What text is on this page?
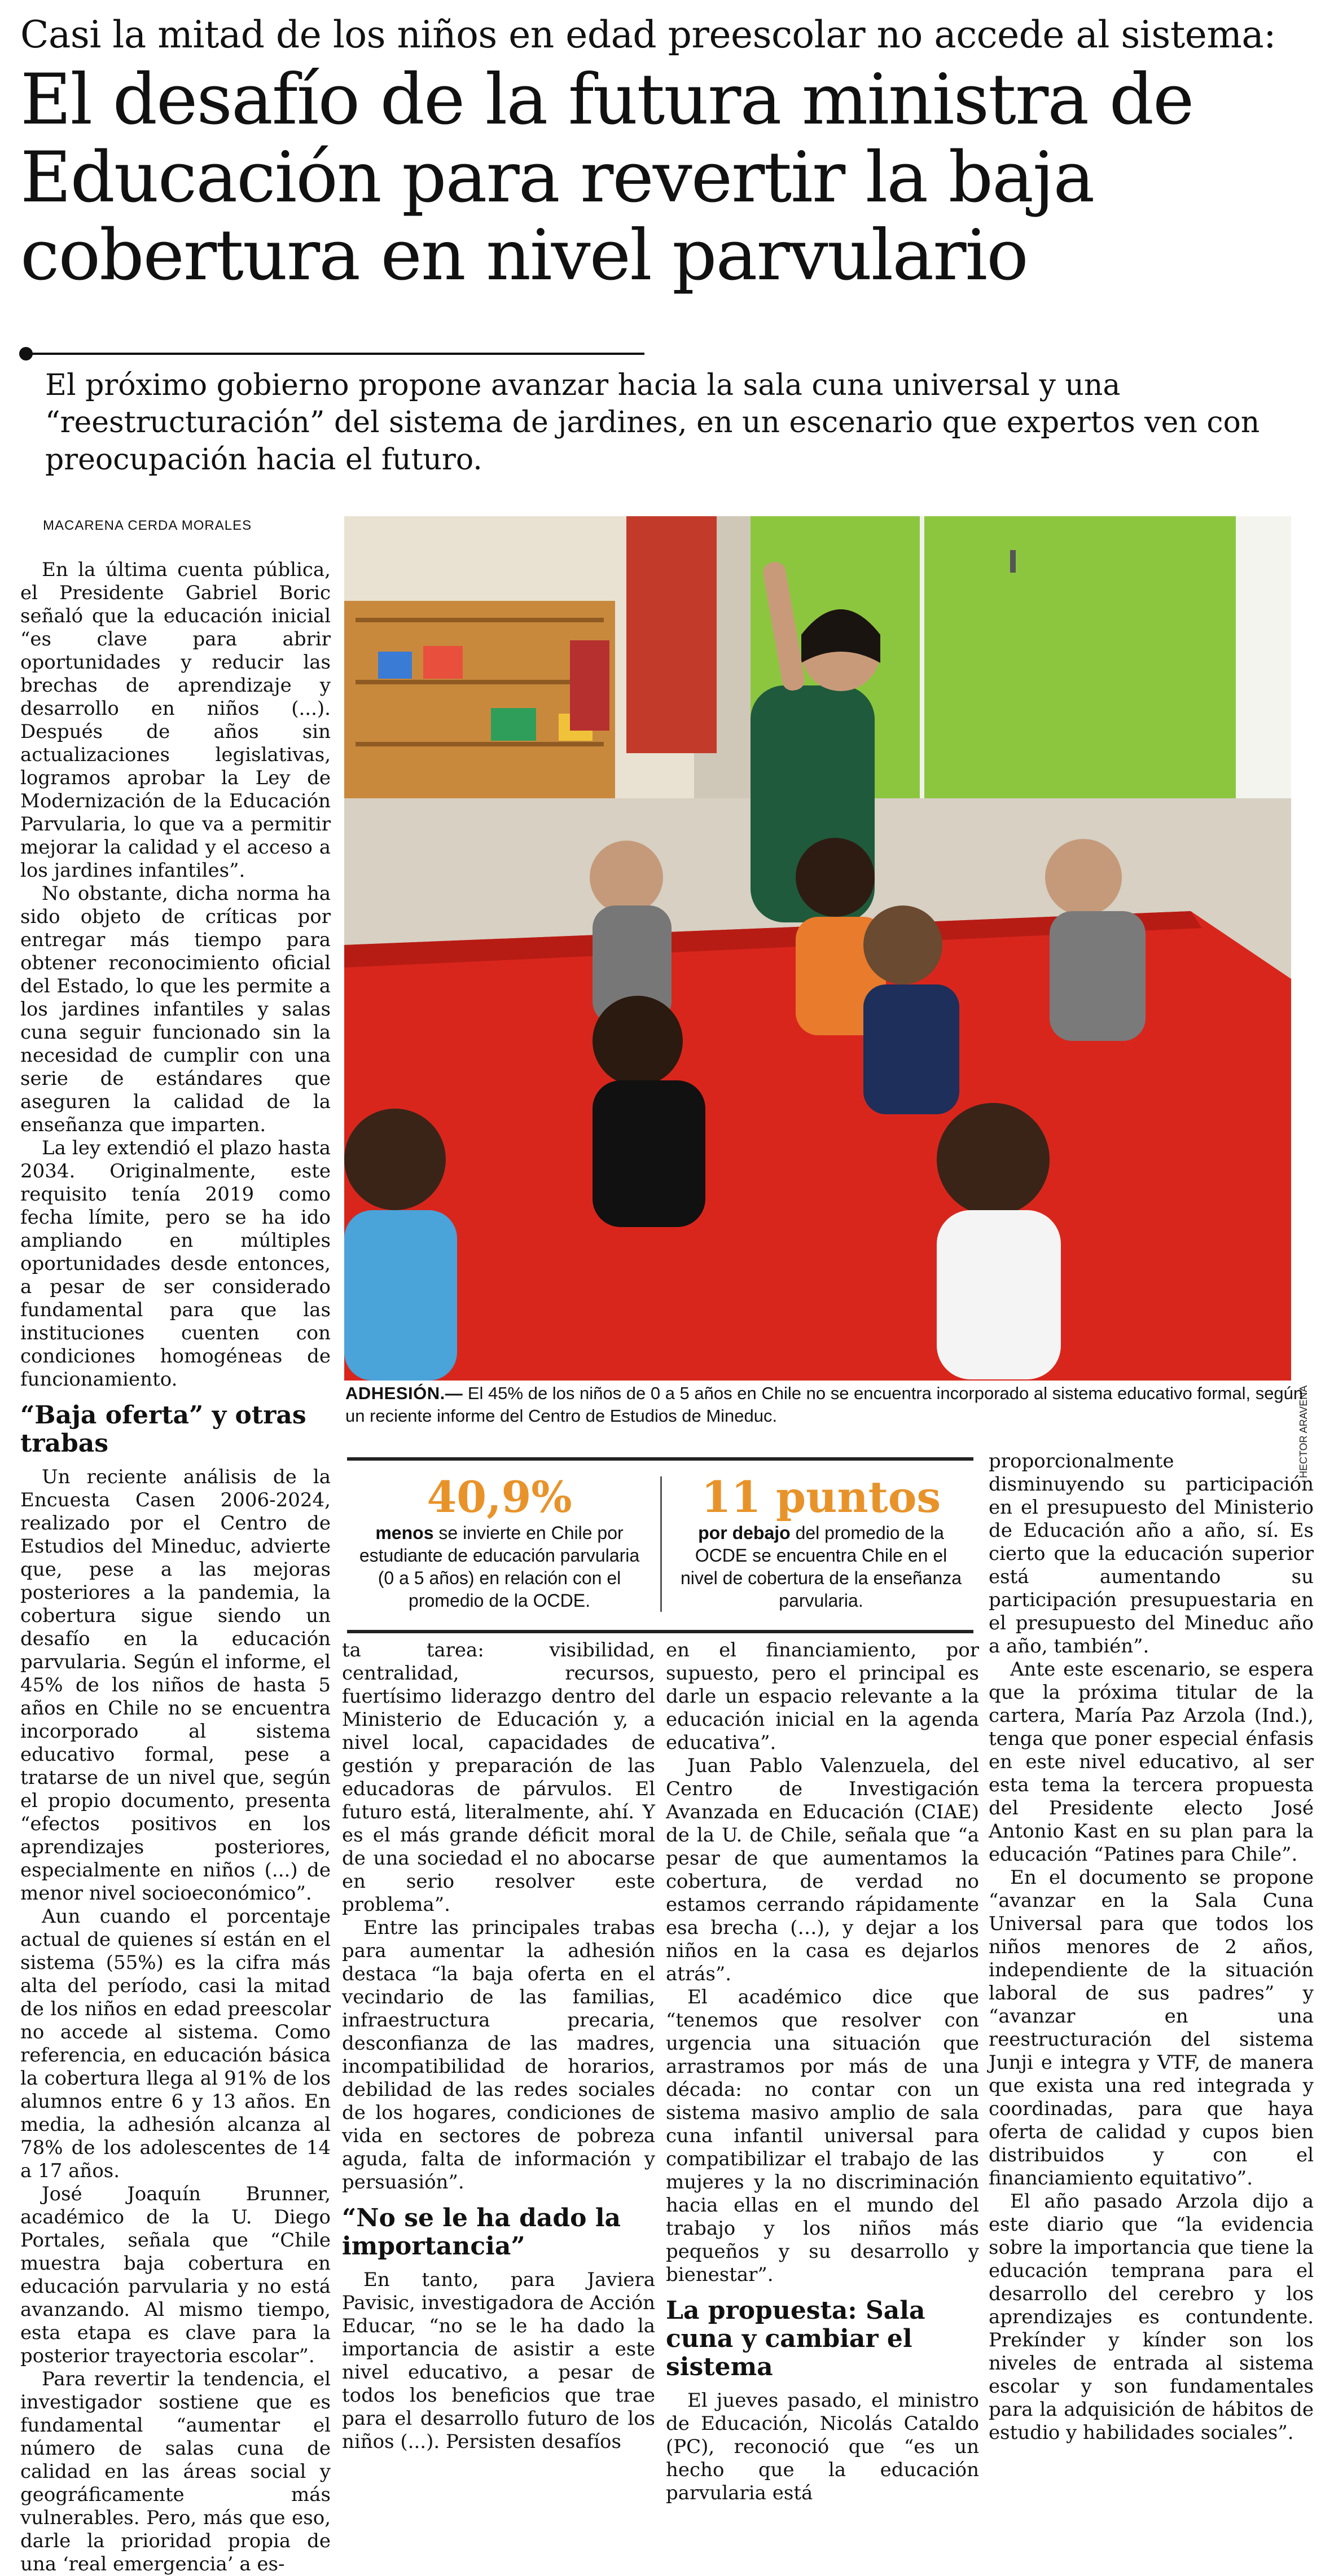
Casi la mitad de los niños en edad preescolar no accede al sistema:
El desafío de la futura ministra de Educación para revertir la baja cobertura en nivel parvulario
El próximo gobierno propone avanzar hacia la sala cuna universal y una “reestructuración” del sistema de jardines, en un escenario que expertos ven con preocupación hacia el futuro.
MACARENA CERDA MORALES
HECTOR ARAVENA
ADHESIÓN.— El 45% de los niños de 0 a 5 años en Chile no se encuentra incorporado al sistema educativo formal, según un reciente informe del Centro de Estudios de Mineduc.
40,9%
menos se invierte en Chile por estudiante de educación parvularia (0 a 5 años) en relación con el promedio de la OCDE.
11 puntos
por debajo del promedio de la OCDE se encuentra Chile en el nivel de cobertura de la enseñanza parvularia.

En la última cuenta pública, el Presidente Gabriel Boric señaló que la educación inicial “es clave para abrir oportunidades y reducir las brechas de aprendizaje y desarrollo en niños (...). Después de años sin actualizaciones legislativas, logramos aprobar la Ley de Modernización de la Educación Parvularia, lo que va a permitir mejorar la calidad y el acceso a los jardines infantiles”.

No obstante, dicha norma ha sido objeto de críticas por entregar más tiempo para obtener reconocimiento oficial del Estado, lo que les permite a los jardines infantiles y salas cuna seguir funcionado sin la necesidad de cumplir con una serie de estándares que aseguren la calidad de la enseñanza que imparten.

La ley extendió el plazo hasta 2034. Originalmente, este requisito tenía 2019 como fecha límite, pero se ha ido ampliando en múltiples oportunidades desde entonces, a pesar de ser considerado fundamental para que las instituciones cuenten con condiciones homogéneas de funcionamiento.

“Baja oferta” y otras trabas

Un reciente análisis de la Encuesta Casen 2006-2024, realizado por el Centro de Estudios del Mineduc, advierte que, pese a las mejoras posteriores a la pandemia, la cobertura sigue siendo un desafío en la educación parvularia. Según el informe, el 45% de los niños de hasta 5 años en Chile no se encuentra incorporado al sistema educativo formal, pese a tratarse de un nivel que, según el propio documento, presenta “efectos positivos en los aprendizajes posteriores, especialmente en niños (...) de menor nivel socioeconómico”.

Aun cuando el porcentaje actual de quienes sí están en el sistema (55%) es la cifra más alta del período, casi la mitad de los niños en edad preescolar no accede al sistema. Como referencia, en educación básica la cobertura llega al 91% de los alumnos entre 6 y 13 años. En media, la adhesión alcanza al 78% de los adolescentes de 14 a 17 años.

José Joaquín Brunner, académico de la U. Diego Portales, señala que “Chile muestra baja cobertura en educación parvularia y no está avanzando. Al mismo tiempo, esta etapa es clave para la posterior trayectoria escolar”.

Para revertir la tendencia, el investigador sostiene que es fundamental “aumentar el número de salas cuna de calidad en las áreas social y geográficamente más vulnerables. Pero, más que eso, darle la prioridad propia de una ‘real emergencia’ a es-

ta tarea: visibilidad, centralidad, recursos, fuertísimo liderazgo dentro del Ministerio de Educación y, a nivel local, capacidades de gestión y preparación de las educadoras de párvulos. El futuro está, literalmente, ahí. Y es el más grande déficit moral de una sociedad el no abocarse en serio resolver este problema”.

Entre las principales trabas para aumentar la adhesión destaca “la baja oferta en el vecindario de las familias, infraestructura precaria, desconfianza de las madres, incompatibilidad de horarios, debilidad de las redes sociales de los hogares, condiciones de vida en sectores de pobreza aguda, falta de información y persuasión”.

“No se le ha dado la importancia”

En tanto, para Javiera Pavisic, investigadora de Acción Educar, “no se le ha dado la importancia de asistir a este nivel educativo, a pesar de todos los beneficios que trae para el desarrollo futuro de los niños (...). Persisten desafíos

en el financiamiento, por supuesto, pero el principal es darle un espacio relevante a la educación inicial en la agenda educativa”.

Juan Pablo Valenzuela, del Centro de Investigación Avanzada en Educación (CIAE) de la U. de Chile, señala que “a pesar de que aumentamos la cobertura, de verdad no estamos cerrando rápidamente esa brecha (…), y dejar a los niños en la casa es dejarlos atrás”.

El académico dice que “tenemos que resolver con urgencia una situación que arrastramos por más de una década: no contar con un sistema masivo amplio de sala cuna infantil universal para compatibilizar el trabajo de las mujeres y la no discriminación hacia ellas en el mundo del trabajo y los niños más pequeños y su desarrollo y bienestar”.

La propuesta: Sala cuna y cambiar el sistema

El jueves pasado, el ministro de Educación, Nicolás Cataldo (PC), reconoció que “es un hecho que la educación parvularia está

proporcionalmente disminuyendo su participación en el presupuesto del Ministerio de Educación año a año, sí. Es cierto que la educación superior está aumentando su participación presupuestaria en el presupuesto del Mineduc año a año, también”.

Ante este escenario, se espera que la próxima titular de la cartera, María Paz Arzola (Ind.), tenga que poner especial énfasis en este nivel educativo, al ser esta tema la tercera propuesta del Presidente electo José Antonio Kast en su plan para la educación “Patines para Chile”.

En el documento se propone “avanzar en la Sala Cuna Universal para que todos los niños menores de 2 años, independiente de la situación laboral de sus padres” y “avanzar en una reestructuración del sistema Junji e integra y VTF, de manera que exista una red integrada y coordinadas, para que haya oferta de calidad y cupos bien distribuidos y con el financiamiento equitativo”.

El año pasado Arzola dijo a este diario que “la evidencia sobre la importancia que tiene la educación temprana para el desarrollo del cerebro y los aprendizajes es contundente. Prekínder y kínder son los niveles de entrada al sistema escolar y son fundamentales para la adquisición de hábitos de estudio y habilidades sociales”.
